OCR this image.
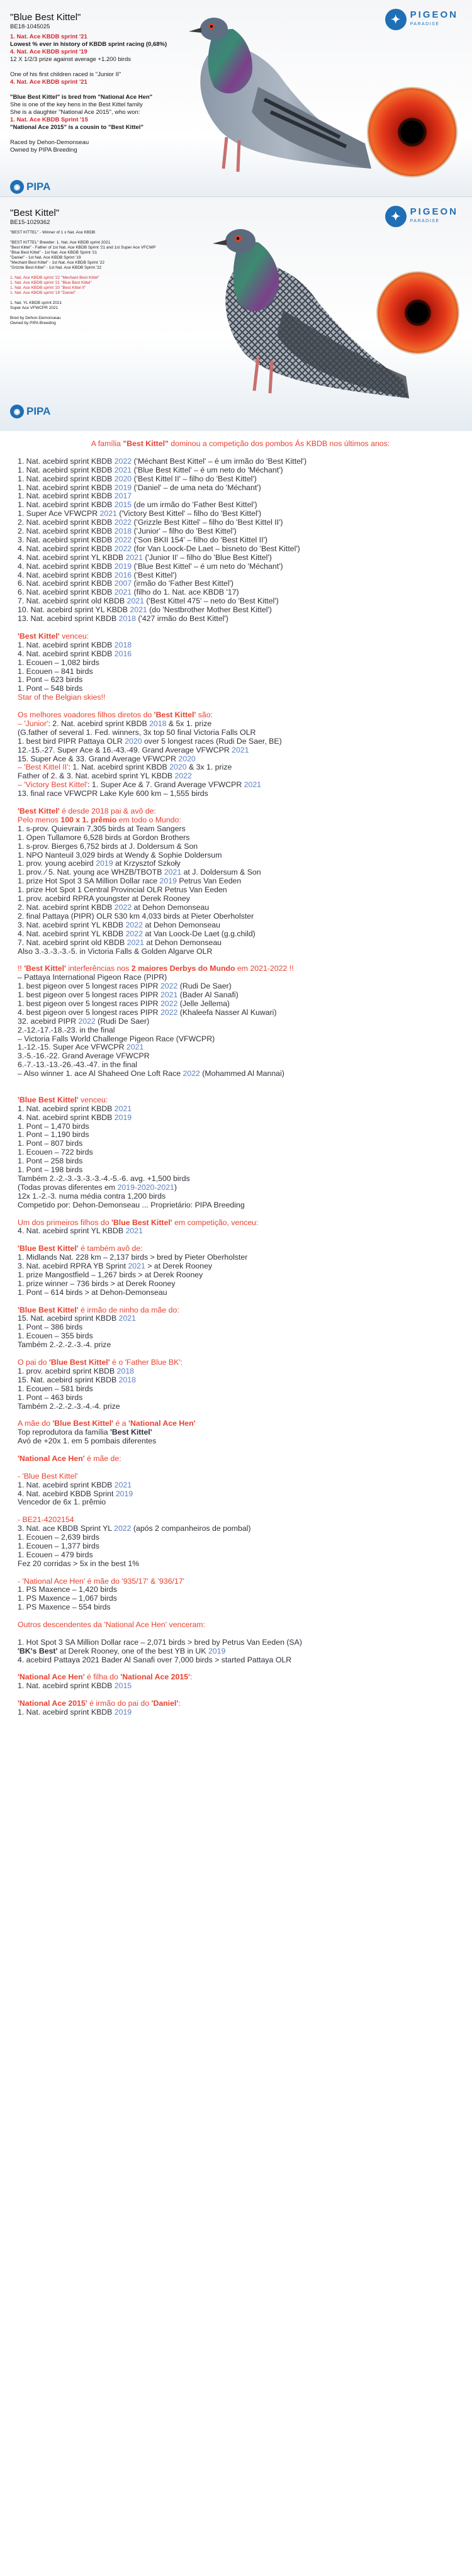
✦	PIGEON
PARADISE
"Blue Best Kittel"
BE18-1045025
1. Nat. Ace KBDB sprint '21
Lowest % ever in history of KBDB sprint racing (0,68%)
4. Nat. Ace KBDB sprint '19
12 X 1/2/3 prize against average +1.200 birds

One of his first children raced is "Junior II"
4. Nat. Ace KBDB sprint '21

"Blue Best Kittel" is bred from "National Ace Hen"
She is one of the key hens in the Best Kittel family
She is a daughter "National Ace 2015", who won:
1. Nat. Ace KBDB Sprint '15
"National Ace 2015" is a cousin to "Best Kittel"

Raced by Dehon-Demonseau
Owned by PIPA Breeding
✦	PIGEON
PARADISE
"Best Kittel"
BE15-1029362
"BEST KITTEL" - Winner of 1 x Nat. Ace KBDB

"BEST KITTEL" Breeder: 1. Nat. Ace KBDB sprint 2021
"Best Kittel" - Father of 1st Nat. Ace KBDB Sprint '21 and 1st Super Ace VFCWP
"Blue Best Kittel" - 1st Nat. Ace KBDB Sprint '21
"Daniel" - 1st Nat. Ace KBDB Sprint '19
"Mechant Best Kittel" - 1st Nat. Ace KBDB Sprint '22
"Grizzle Best Kittel" - 1st Nat. Ace KBDB Sprint '22

1. Nat. Ace KBDB sprint '22 "Mechant Best Kittel"
1. Nat. Ace KBDB sprint '21 "Blue Best Kittel"
1. Nat. Ace KBDB sprint '20 "Best Kittel II"
1. Nat. Ace KBDB sprint '19 "Daniel"

1. Nat. YL KBDB sprint 2021
Super Ace VFWCPR 2021

Bred by Dehon-Demonseau
Owned by PIPA Breeding
◉ PIPA
◉ PIPA

A família "Best Kittel" dominou a competição dos pombos Ás KBDB nos últimos anos:

1. Nat. acebird sprint KBDB 2022 ('Méchant Best Kittel' – é um irmão do 'Best Kittel')

1. Nat. acebird sprint KBDB 2021 ('Blue Best Kittel' – é um neto do 'Méchant')

1. Nat. acebird sprint KBDB 2020 ('Best Kittel II' – filho do 'Best Kittel')

1. Nat. acebird sprint KBDB 2019 ('Daniel' – de uma neta do 'Méchant')

1. Nat. acebird sprint KBDB 2017

1. Nat. acebird sprint KBDB 2015 (de um irmão do 'Father Best Kittel')

1. Super Ace VFWCPR 2021 ('Victory Best Kittel' – filho do 'Best Kittel')

2. Nat. acebird sprint KBDB 2022 ('Grizzle Best Kittel' – filho do 'Best Kittel II')

2. Nat. acebird sprint KBDB 2018 ('Junior' – filho do 'Best Kittel')

3. Nat. acebird sprint KBDB 2022 ('Son BKII 154' – filho do 'Best Kittel II')

4. Nat. acebird sprint KBDB 2022 (for Van Loock-De Laet – bisneto do 'Best Kittel')

4. Nat. acebird sprint YL KBDB 2021 ('Junior II' – filho do 'Blue Best Kittel')

4. Nat. acebird sprint KBDB 2019 ('Blue Best Kittel' – é um neto do 'Méchant')

4. Nat. acebird sprint KBDB 2016 ('Best Kittel')

6. Nat. acebird sprint KBDB 2007 (irmão do 'Father Best Kittel')

6. Nat. acebird sprint KBDB 2021 (filho do 1. Nat. ace KBDB '17)

7. Nat. acebird sprint old KBDB 2021 ('Best Kittel 475' – neto do 'Best Kittel')

10. Nat. acebird sprint YL KBDB 2021 (do 'Nestbrother Mother Best Kittel')

13. Nat. acebird sprint KBDB 2018 ('427 irmão do Best Kittel')

'Best Kittel' venceu:

1. Nat. acebird sprint KBDB 2018

4. Nat. acebird sprint KBDB 2016

1. Ecouen – 1,082 birds

1. Ecouen – 841 birds

1. Pont – 623 birds

1. Pont – 548 birds

Star of the Belgian skies!!

Os melhores voadores filhos diretos do 'Best Kittel' são:

– 'Junior': 2. Nat. acebird sprint KBDB 2018 & 5x 1. prize

(G.father of several 1. Fed. winners, 3x top 50 final Victoria Falls OLR

1. best bird PIPR Pattaya OLR 2020 over 5 longest races (Rudi De Saer, BE)

12.-15.-27. Super Ace & 16.-43.-49. Grand Average VFWCPR 2021

15. Super Ace & 33. Grand Average VFWCPR 2020

– 'Best Kittel II': 1. Nat. acebird sprint KBDB 2020 & 3x 1. prize

Father of 2. & 3. Nat. acebird sprint YL KBDB 2022

– 'Victory Best Kittel': 1. Super Ace & 7. Grand Average VFWCPR 2021

13. final race VFWCPR Lake Kyle 600 km – 1,555 birds

'Best Kittel' é desde 2018 pai & avô de:

Pelo menos 100 x 1. prêmio em todo o Mundo:

1. s-prov. Quievrain 7,305 birds at Team Sangers

1. Open Tullamore 6,528 birds at Gordon Brothers

1. s-prov. Bierges 6,752 birds at J. Doldersum & Son

1. NPO Nanteuil 3,029 birds at Wendy & Sophie Doldersum

1. prov. young acebird 2019 at Krzysztof Szkoły

1. prov. ⁄ 5. Nat. young ace WHZB/TBOTB 2021 at J. Doldersum & Son

1. prize Hot Spot 3 SA Million Dollar race 2019 Petrus Van Eeden

1. prize Hot Spot 1 Central Provincial OLR Petrus Van Eeden

1. prov. acebird RPRA youngster at Derek Rooney

2. Nat. acebird sprint KBDB 2022 at Dehon Demonseau

2. final Pattaya (PIPR) OLR 530 km 4,033 birds at Pieter Oberholster

3. Nat. acebird sprint YL KBDB 2022 at Dehon Demonseau

4. Nat. acebird sprint YL KBDB 2022 at Van Loock-De Laet (g.g.child)

7. Nat. acebird sprint old KBDB 2021 at Dehon Demonseau

Also 3.-3.-3.-3.-5. in Victoria Falls & Golden Algarve OLR

!! 'Best Kittel' interferências nos 2 maiores Derbys do Mundo em 2021-2022 !!

– Pattaya International Pigeon Race (PIPR)

1. best pigeon over 5 longest races PIPR 2022 (Rudi De Saer)

1. best pigeon over 5 longest races PIPR 2021 (Bader Al Sanafi)

1. best pigeon over 5 longest races PIPR 2022 (Jelle Jellema)

4. best pigeon over 5 longest races PIPR 2022 (Khaleefa Nasser Al Kuwari)

32. acebird PIPR 2022 (Rudi De Saer)

2.-12.-17.-18.-23. in the final

– Victoria Falls World Challenge Pigeon Race (VFWCPR)

1.-12.-15. Super Ace VFWCPR 2021

3.-5.-16.-22. Grand Average VFWCPR

6.-7.-13.-13.-26.-43.-47. in the final

– Also winner 1. ace Al Shaheed One Loft Race 2022 (Mohammed Al Mannai)

'Blue Best Kittel' venceu:

1. Nat. acebird sprint KBDB 2021

4. Nat. acebird sprint KBDB 2019

1. Pont – 1,470 birds

1. Pont – 1,190 birds

1. Pont – 807 birds

1. Ecouen – 722 birds

1. Pont – 258 birds

1. Pont – 198 birds

Também 2.-2.-3.-3.-3.-3.-4.-5.-6. avg. +1,500 birds

(Todas provas diferentes em 2019-2020-2021)

12x 1.-2.-3. numa média contra 1,200 birds

Competido por: Dehon-Demonseau ... Proprietário: PIPA Breeding

Um dos primeiros filhos do 'Blue Best Kittel' em competição, venceu:

4. Nat. acebird sprint YL KBDB 2021

'Blue Best Kittel' é também avô de:

1. Midlands Nat. 228 km – 2,137 birds > bred by Pieter Oberholster

3. Nat. acebird RPRA YB Sprint 2021 > at Derek Rooney

1. prize Mangostfield – 1,267 birds > at Derek Rooney

1. prize winner – 736 birds > at Derek Rooney

1. Pont – 614 birds > at Dehon-Demonseau

'Blue Best Kittel' é irmão de ninho da mãe do:

15. Nat. acebird sprint KBDB 2021

1. Pont – 386 birds

1. Ecouen – 355 birds

Também 2.-2.-2.-3.-4. prize

O pai do 'Blue Best Kittel' é o 'Father Blue BK':

1. prov. acebird sprint KBDB 2018

15. Nat. acebird sprint KBDB 2018

1. Ecouen – 581 birds

1. Pont – 463 birds

Também 2.-2.-2.-3.-4.-4. prize

A mãe do 'Blue Best Kittel' é a 'National Ace Hen'

Top reprodutora da família 'Best Kittel'

Avó de +20x 1. em 5 pombais diferentes

'National Ace Hen' é mãe de:

- 'Blue Best Kittel'

1. Nat. acebird sprint KBDB 2021

4. Nat. acebird KBDB Sprint 2019

Vencedor de 6x 1. prêmio

- BE21-4202154

3. Nat. ace KBDB Sprint YL 2022 (após 2 companheiros de pombal)

1. Ecouen – 2,639 birds

1. Ecouen – 1,377 birds

1. Ecouen – 479 birds

Fez 20 corridas > 5x in the best 1%

- 'National Ace Hen' é mãe do '935/17' & '936/17'

1. PS Maxence – 1,420 birds

1. PS Maxence – 1,067 birds

1. PS Maxence – 554 birds

Outros descendentes da 'National Ace Hen' venceram:

1. Hot Spot 3 SA Million Dollar race – 2,071 birds > bred by Petrus Van Eeden (SA)

'BK's Best' at Derek Rooney, one of the best YB in UK 2019

4. acebird Pattaya 2021 Bader Al Sanafi over 7,000 birds > started Pattaya OLR

'National Ace Hen' é filha do 'National Ace 2015':

1. Nat. acebird sprint KBDB 2015

'National Ace 2015' é irmão do pai do 'Daniel':

1. Nat. acebird sprint KBDB 2019
